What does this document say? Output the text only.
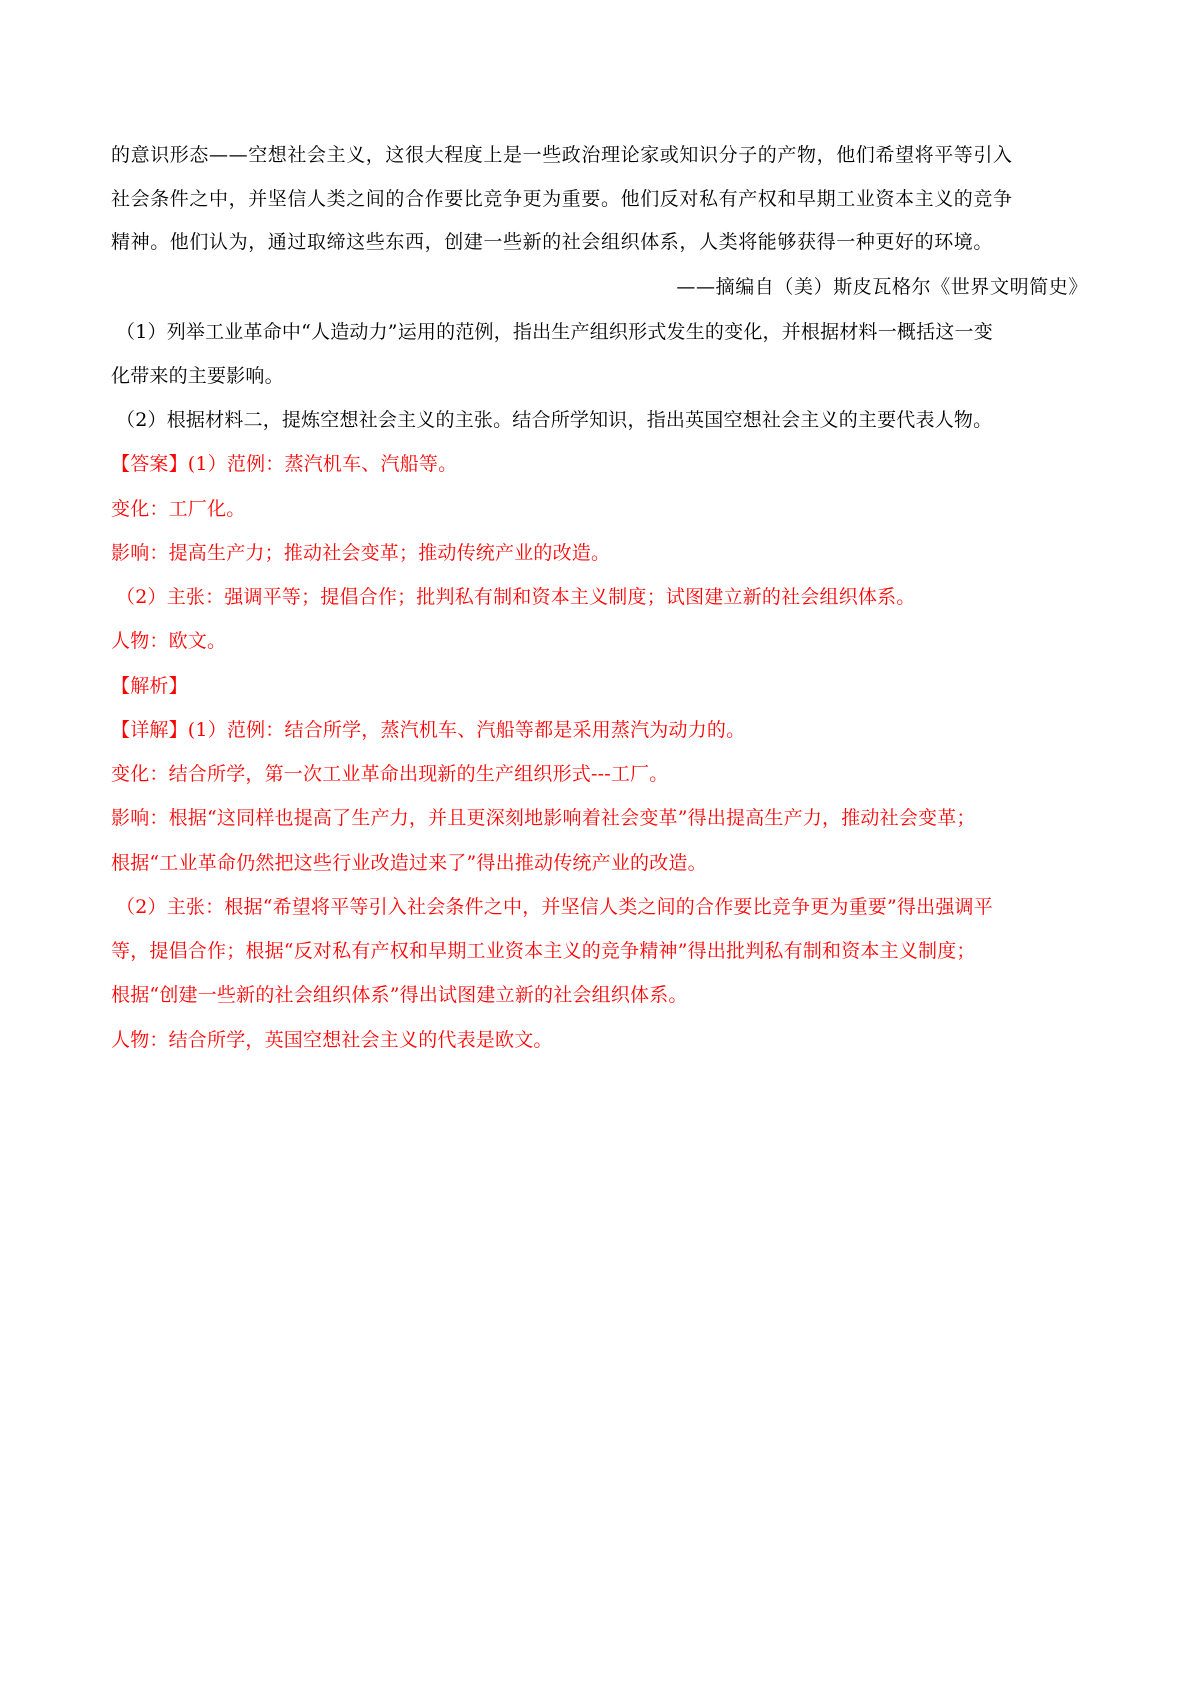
的意识形态——空想社会主义，这很大程度上是一些政治理论家或知识分子的产物，他们希望将平等引入
社会条件之中，并坚信人类之间的合作要比竞争更为重要。他们反对私有产权和早期工业资本主义的竞争
精神。他们认为，通过取缔这些东西，创建一些新的社会组织体系，人类将能够获得一种更好的环境。
——摘编自（美）斯皮瓦格尔《世界文明简史》
（1）列举工业革命中“人造动力”运用的范例，指出生产组织形式发生的变化，并根据材料一概括这一变
化带来的主要影响。
（2）根据材料二，提炼空想社会主义的主张。结合所学知识，指出英国空想社会主义的主要代表人物。
【答案】(1）范例：蒸汽机车、汽船等。
变化：工厂化。
影响：提高生产力；推动社会变革；推动传统产业的改造。
（2）主张：强调平等；提倡合作；批判私有制和资本主义制度；试图建立新的社会组织体系。
人物：欧文。
【解析】
【详解】(1）范例：结合所学，蒸汽机车、汽船等都是采用蒸汽为动力的。
变化：结合所学，第一次工业革命出现新的生产组织形式---工厂。
影响：根据“这同样也提高了生产力，并且更深刻地影响着社会变革”得出提高生产力，推动社会变革；
根据“工业革命仍然把这些行业改造过来了”得出推动传统产业的改造。
（2）主张：根据“希望将平等引入社会条件之中，并坚信人类之间的合作要比竞争更为重要”得出强调平
等，提倡合作；根据“反对私有产权和早期工业资本主义的竞争精神”得出批判私有制和资本主义制度；
根据“创建一些新的社会组织体系”得出试图建立新的社会组织体系。
人物：结合所学，英国空想社会主义的代表是欧文。
